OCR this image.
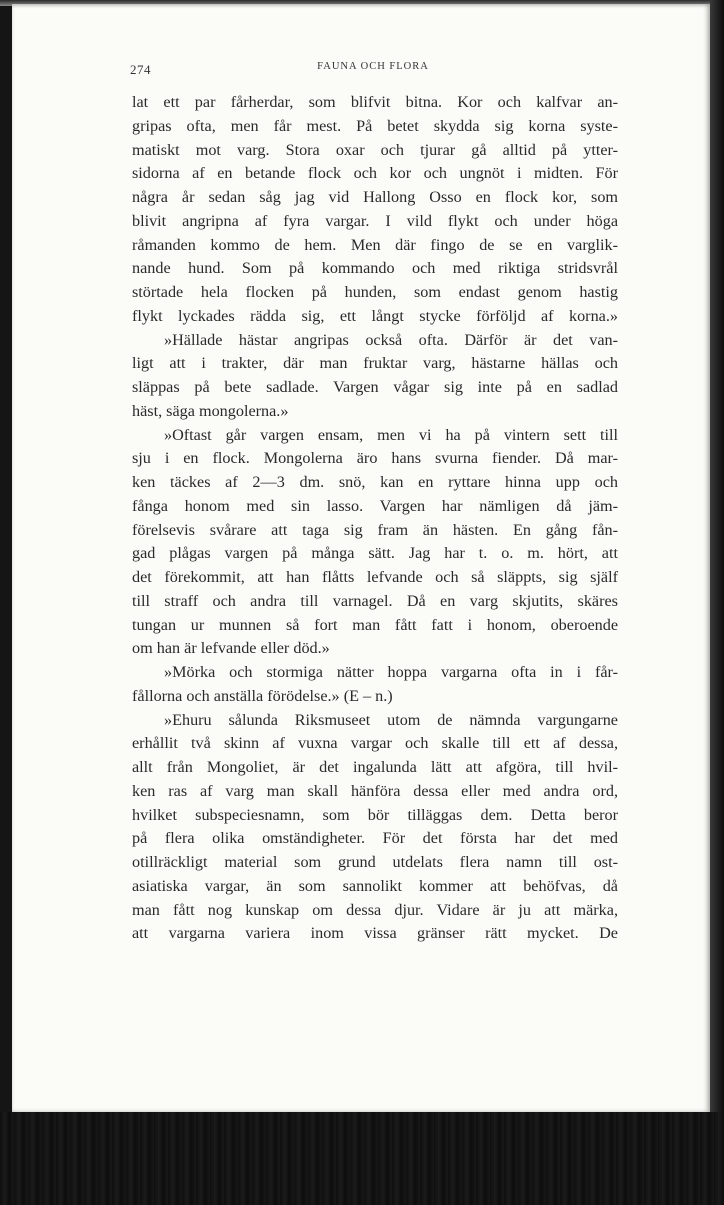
274	FAUNA OCH FLORA
lat ett par fårherdar, som blifvit bitna. Kor och kalfvar an-
gripas ofta, men får mest. På betet skydda sig korna syste-
matiskt mot varg. Stora oxar och tjurar gå alltid på ytter-
sidorna af en betande flock och kor och ungnöt i midten. För
några år sedan såg jag vid Hallong Osso en flock kor, som
blivit angripna af fyra vargar. I vild flykt och under höga
råmanden kommo de hem. Men där fingo de se en varglik-
nande hund. Som på kommando och med riktiga stridsvrål
störtade hela flocken på hunden, som endast genom hastig
flykt lyckades rädda sig, ett långt stycke förföljd af korna.»
»Hällade hästar angripas också ofta. Därför är det van-
ligt att i trakter, där man fruktar varg, hästarne hällas och
släppas på bete sadlade. Vargen vågar sig inte på en sadlad
häst, säga mongolerna.»
»Oftast går vargen ensam, men vi ha på vintern sett till
sju i en flock. Mongolerna äro hans svurna fiender. Då mar-
ken täckes af 2—3 dm. snö, kan en ryttare hinna upp och
fånga honom med sin lasso. Vargen har nämligen då jäm-
förelsevis svårare att taga sig fram än hästen. En gång fån-
gad plågas vargen på många sätt. Jag har t. o. m. hört, att
det förekommit, att han flåtts lefvande och så släppts, sig själf
till straff och andra till varnagel. Då en varg skjutits, skäres
tungan ur munnen så fort man fått fatt i honom, oberoende
om han är lefvande eller död.»
»Mörka och stormiga nätter hoppa vargarna ofta in i får-
fållorna och anställa förödelse.» (E – n.)
»Ehuru sålunda Riksmuseet utom de nämnda vargungarne
erhållit två skinn af vuxna vargar och skalle till ett af dessa,
allt från Mongoliet, är det ingalunda lätt att afgöra, till hvil-
ken ras af varg man skall hänföra dessa eller med andra ord,
hvilket subspeciesnamn, som bör tilläggas dem. Detta beror
på flera olika omständigheter. För det första har det med
otillräckligt material som grund utdelats flera namn till ost-
asiatiska vargar, än som sannolikt kommer att behöfvas, då
man fått nog kunskap om dessa djur. Vidare är ju att märka,
att vargarna variera inom vissa gränser rätt mycket. De
